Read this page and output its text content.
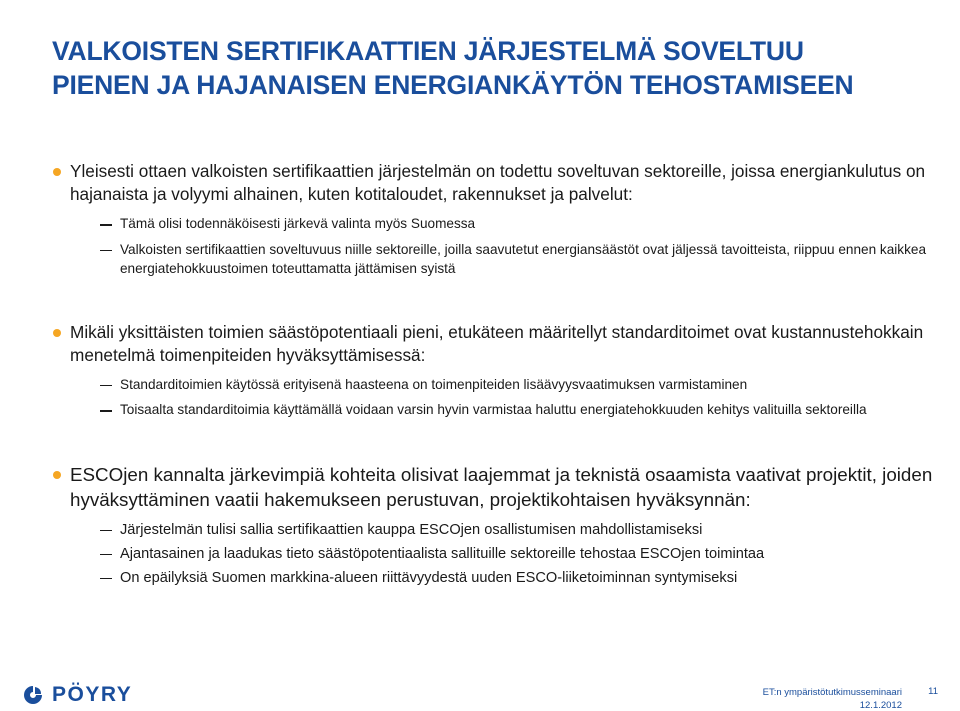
VALKOISTEN SERTIFIKAATTIEN JÄRJESTELMÄ SOVELTUU
PIENEN JA HAJANAISEN ENERGIANKÄYTÖN TEHOSTAMISEEN
Yleisesti ottaen valkoisten sertifikaattien järjestelmän on todettu soveltuvan sektoreille, joissa energiankulutus on hajanaista ja volyymi alhainen, kuten kotitaloudet, rakennukset ja palvelut:
Tämä olisi todennäköisesti järkevä valinta myös Suomessa
Valkoisten sertifikaattien soveltuvuus niille sektoreille, joilla saavutetut energiansäästöt ovat jäljessä tavoitteista, riippuu ennen kaikkea energiatehokkuustoimen toteuttamatta jättämisen syistä
Mikäli yksittäisten toimien säästöpotentiaali pieni, etukäteen määritellyt standarditoimet ovat kustannustehokkain menetelmä toimenpiteiden hyväksyttämisessä:
Standarditoimien käytössä erityisenä haasteena on toimenpiteiden lisäävyysvaatimuksen varmistaminen
Toisaalta standarditoimia käyttämällä voidaan varsin hyvin varmistaa haluttu energiatehokkuuden kehitys valituilla sektoreilla
ESCOjen kannalta järkevimpiä kohteita olisivat laajemmat ja teknistä osaamista vaativat projektit, joiden hyväksyttäminen vaatii hakemukseen perustuvan, projektikohtaisen hyväksynnän:
Järjestelmän tulisi sallia sertifikaattien kauppa ESCOjen osallistumisen mahdollistamiseksi
Ajantasainen ja laadukas tieto säästöpotentiaalista sallituille sektoreille tehostaa ESCOjen toimintaa
On epäilyksiä Suomen markkina-alueen riittävyydestä uuden ESCO-liiketoiminnan syntymiseksi
PÖYRY	ET:n ympäristötutkimusseminaari
12.1.2012
11
